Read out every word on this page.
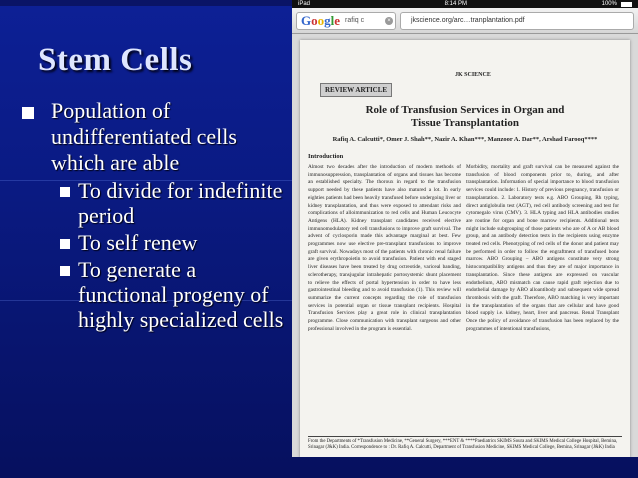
Stem Cells
Population of undifferentiated cells which are able
To divide for indefinite period
To self renew
To generate a functional progeny of highly specialized cells
iPad	8:14 PM	100%
Google rafiq c	×	jkscience.org/arc…tranplantation.pdf
JK SCIENCE
REVIEW ARTICLE
Role of Transfusion Services in Organ and
Tissue Transplantation
Rafiq A. Calcutti*, Omer J. Shah**, Nazir A. Khan***, Manzoor A. Dar**, Arshad Farooq****
Introduction
Almost two decades after the introduction of modern methods of immunosuppression, transplantation of organs and tissues has become an established specialty. The thoroux in regard to the transfusion support needed by these patients have also matured a lot. In early eighties patients had been heavily transfused before undergoing liver or kidney transplantation, and thus were exposed to attendant risks and complications of alloimmunization to red cells and Human Leucocyte Antigens (HLA). Kidney transplant candidates received elective immunomodulatory red cell transfusions to improve graft survival. The advent of cyclosporin made this advantage marginal at best. Few programmes now use elective pre-transplant transfusions to improve graft survival. Nowadays most of the patients with chronic renal failure are given erythropoietin to avoid transfusion. Patient with end staged liver diseases have been treated by drug octreotide, variceal banding, sclerotherapy, transjugular intrahepatic portosystemic shunt placement to relieve the effects of portal hypertension in order to have less gastrointestinal bleeding and to avoid transfusion (1). This review will summarize the current concepts regarding the role of transfusion services in potential organ or tissue transplant recipients. Hospital Transfusion Services play a great role in clinical transplantation programme. Close communication with transplant surgeons and other professional involved in the program is essential.
Morbidity, mortality and graft survival can be measured against the transfusion of blood components prior to, during, and after transplantation. Information of special importance to blood transfusion services could include: 1. History of previous pregnancy, transfusion or transplantation. 2. Laboratory tests e.g. ABO Grouping, Rh typing, direct antiglobulin test (AGT), red cell antibody screening and test for cytomegalo virus (CMV). 3. HLA typing and HLA antibodies studies are routine for organ and bone marrow recipients. Additional tests might include subgrouping of those patients who are of A or AB blood group, and an antibody detection tests in the recipients using enzyme treated red cells. Phenotyping of red cells of the donor and patient may be performed in order to follow the engraftment of transfused bone marrow. ABO Grouping – ABO antigens constitute very strong histocompatibility antigens and thus they are of major importance in transplantation. Since these antigens are expressed on vascular endothelium, ABO mismatch can cause rapid graft rejection due to endothelial damage by ABO alloantibody and subsequent wide spread thrombosis with the graft. Therefore, ABO matching is very important in the transplantation of the organs that are cellular and have good blood supply i.e. kidney, heart, liver and pancreas. Renal Transplant Once the policy of avoidance of transfusion has been replaced by the programmes of intentional transfusions,
From the Departments of *Transfusion Medicine, **General Surgery, ***ENT & ****Paediatrics SKIMS Soura and SKIMS Medical College Hospital, Bemina, Srinagar (J&K) India. Correspondence to : Dr. Rafiq A. Calcutti, Department of Transfusion Medicine, SKIMS Medical College, Bemina, Srinagar (J&K) India
